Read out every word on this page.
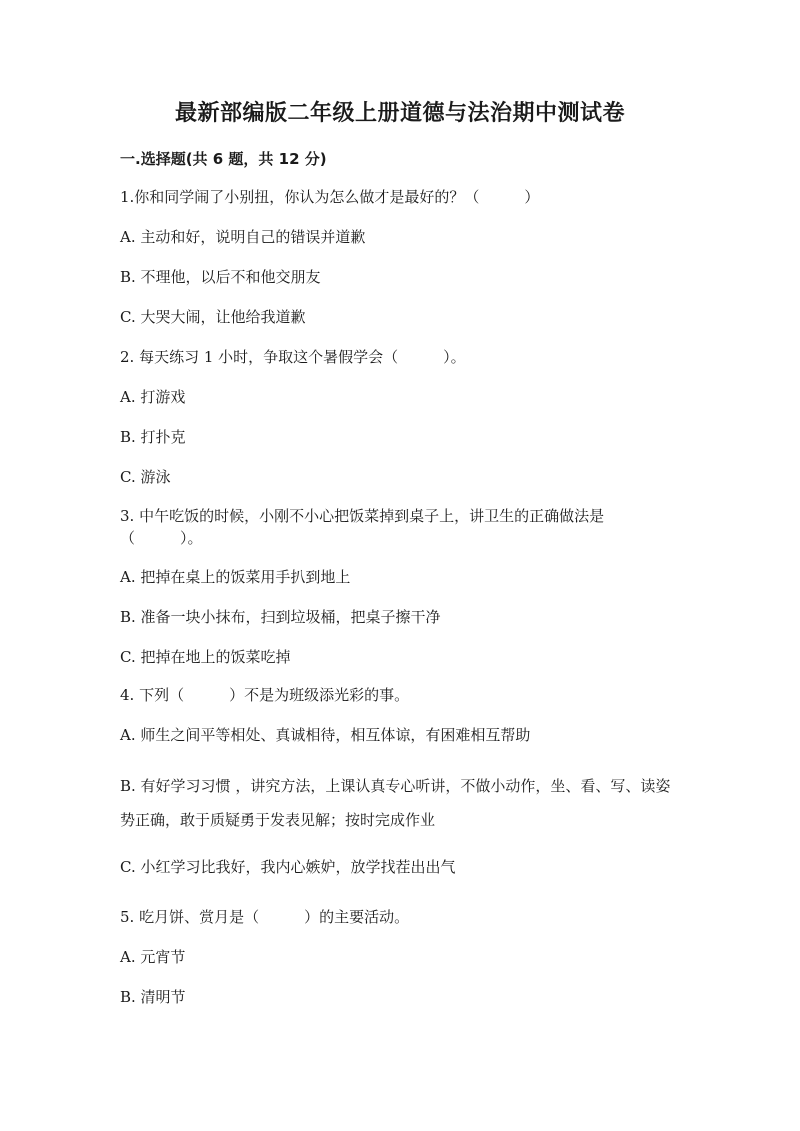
最新部编版二年级上册道德与法治期中测试卷
一.选择题(共 6 题，共 12 分)
1.你和同学闹了小别扭，你认为怎么做才是最好的？（　　　）
A. 主动和好，说明自己的错误并道歉
B. 不理他，以后不和他交朋友
C. 大哭大闹，让他给我道歉
2. 每天练习 1 小时，争取这个暑假学会（　　　）。
A. 打游戏
B. 打扑克
C. 游泳
3. 中午吃饭的时候，小刚不小心把饭菜掉到桌子上，讲卫生的正确做法是（　　　）。
A. 把掉在桌上的饭菜用手扒到地上
B. 准备一块小抹布，扫到垃圾桶，把桌子擦干净
C. 把掉在地上的饭菜吃掉
4. 下列（　　　）不是为班级添光彩的事。
A. 师生之间平等相处、真诚相待，相互体谅，有困难相互帮助
B. 有好学习习惯 ，讲究方法，上课认真专心听讲，不做小动作，坐、看、写、读姿势正确，敢于质疑勇于发表见解；按时完成作业
C. 小红学习比我好，我内心嫉妒，放学找茬出出气
5. 吃月饼、赏月是（　　　）的主要活动。
A. 元宵节
B. 清明节
